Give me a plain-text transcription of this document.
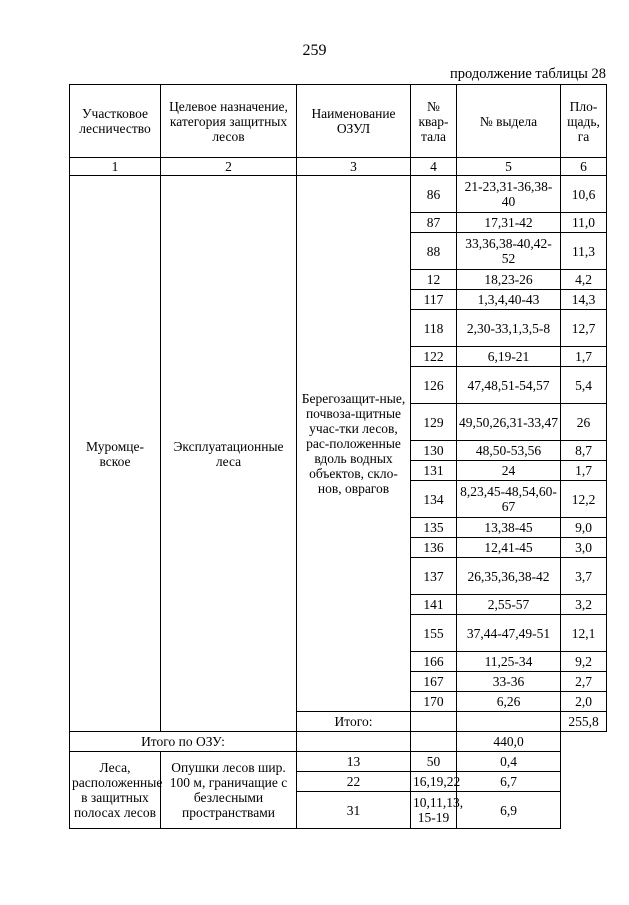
259
продолжение таблицы 28
Участковое лесничество	Целевое назначение, категория защитных лесов	Наименование ОЗУЛ	№ квар-тала	№ выдела	Пло-щадь, га
1	2	3	4	5	6
Муромце-вское	Эксплуатационные леса	Берегозащит-ные, почвоза-щитные учас-тки лесов, рас-положенные вдоль водных объектов, скло-нов, оврагов	86	21-23,31-36,38-40	10,6
			87	17,31-42	11,0
			88	33,36,38-40,42-52	11,3
			12	18,23-26	4,2
			117	1,3,4,40-43	14,3
			118	2,30-33,1,3,5-8	12,7
			122	6,19-21	1,7
			126	47,48,51-54,57	5,4
			129	49,50,26,31-33,47	26
			130	48,50-53,56	8,7
			131	24	1,7
			134	8,23,45-48,54,60-67	12,2
			135	13,38-45	9,0
			136	12,41-45	3,0
			137	26,35,36,38-42	3,7
			141	2,55-57	3,2
			155	37,44-47,49-51	12,1
			166	11,25-34	9,2
			167	33-36	2,7
			170	6,26	2,0
		Итого:			255,8
Итого по ОЗУ:				440,0	
Леса, расположенные в защитных полосах лесов	Опушки лесов шир. 100 м, граничащие с безлесными пространствами	13	50	0,4	
		22	16,19,22	6,7	
		31	10,11,13, 15-19	6,9	
